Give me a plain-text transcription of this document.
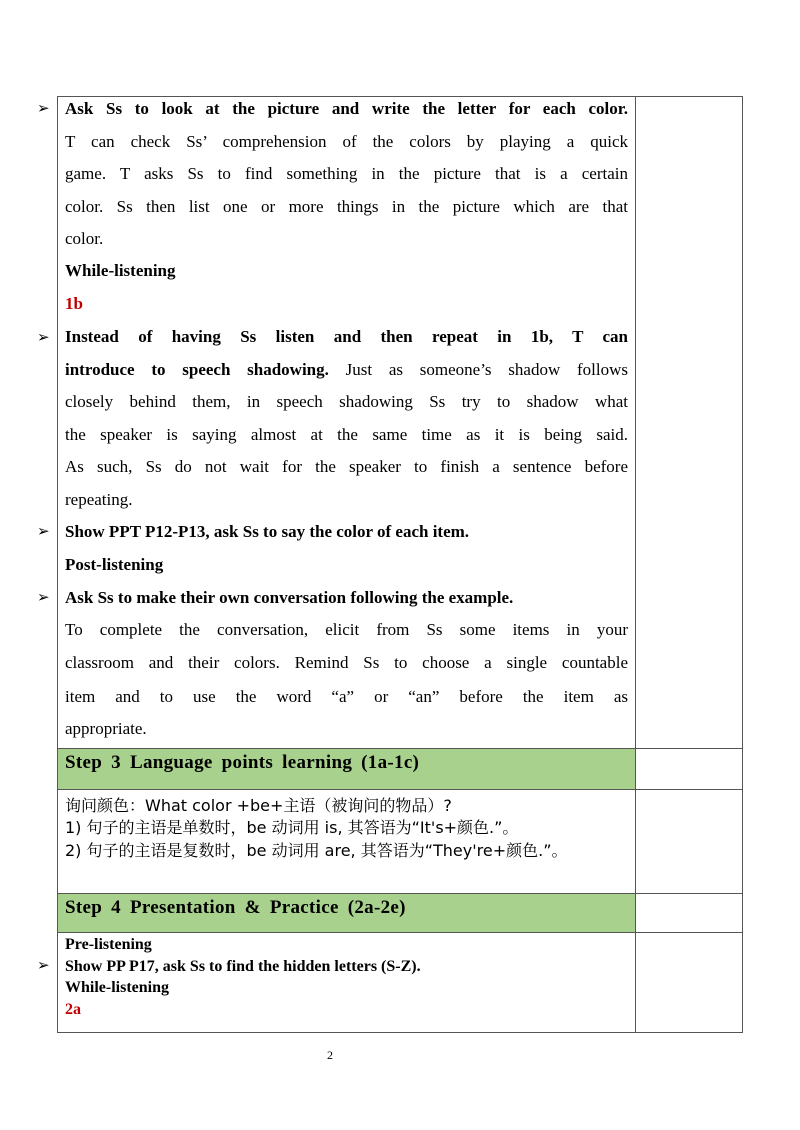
➢
➢
➢
➢
➢
Ask Ss to look at the picture and write the letter for each color.
T can check Ss’ comprehension of the colors by playing a quick
game. T asks Ss to find something in the picture that is a certain
color. Ss then list one or more things in the picture which are that
color.
While-listening
1b
Instead of having Ss listen and then repeat in 1b, T can
introduce to speech shadowing. Just as someone’s shadow follows
closely behind them, in speech shadowing Ss try to shadow what
the speaker is saying almost at the same time as it is being said.
As such, Ss do not wait for the speaker to finish a sentence before
repeating.
Show PPT P12-P13, ask Ss to say the color of each item.
Post-listening
Ask Ss to make their own conversation following the example.
To complete the conversation, elicit from Ss some items in your
classroom and their colors. Remind Ss to choose a single countable
item and to use the word “a” or “an” before the item as
appropriate.
Step 3 Language points learning (1a-1c)
询问颜色：What color +be+主语（被询问的物品）?
1) 句子的主语是单数时，be 动词用 is, 其答语为“It's+颜色.”。
2) 句子的主语是复数时，be 动词用 are, 其答语为“They're+颜色.”。
Step 4 Presentation & Practice (2a-2e)
Pre-listening
Show PP P17, ask Ss to find the hidden letters (S-Z).
While-listening
2a
2
